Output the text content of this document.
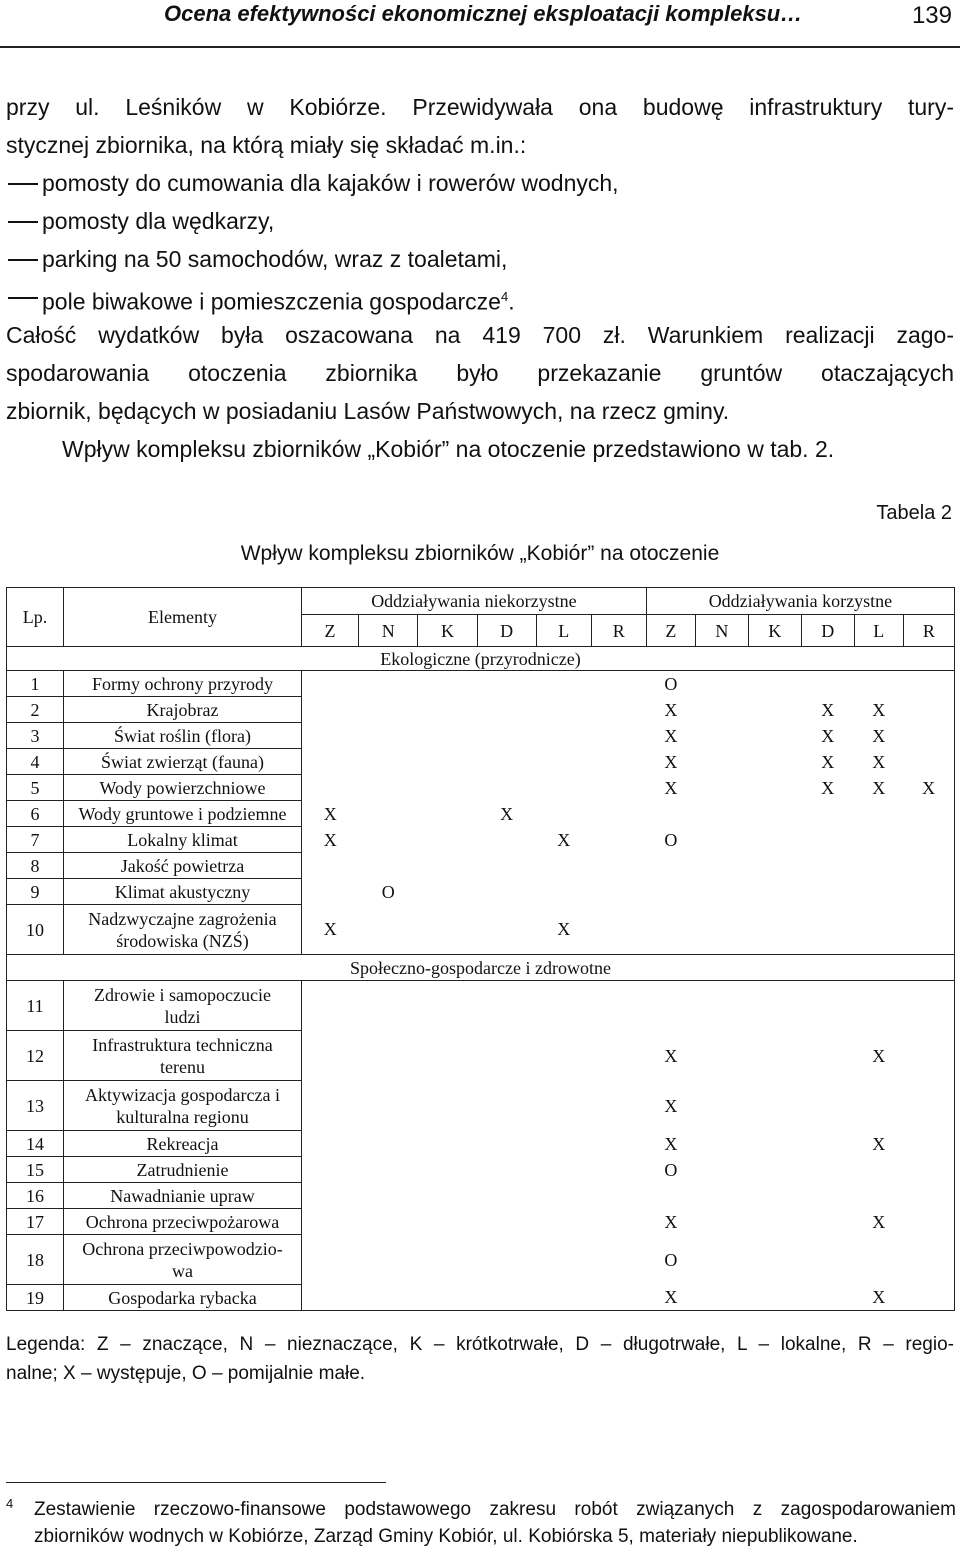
Ocena efektywności ekonomicznej eksploatacji kompleksu…	139

przy ul. Leśników w Kobiórze. Przewidywała ona budowę infrastruktury tury-

stycznej zbiornika, na którą miały się składać m.in.:

pomosty do cumowania dla kajaków i rowerów wodnych,
pomosty dla wędkarzy,
parking na 50 samochodów, wraz z toaletami,
pole biwakowe i pomieszczenia gospodarcze$^4$.

Całość wydatków była oszacowana na 419 700 zł. Warunkiem realizacji zago-

spodarowania otoczenia zbiornika było przekazanie gruntów otaczających

zbiornik, będących w posiadaniu Lasów Państwowych, na rzecz gminy.

Wpływ kompleksu zbiorników „Kobiór” na otoczenie przedstawiono w tab. 2.

Tabela 2
Wpływ kompleksu zbiorników „Kobiór” na otoczenie
Lp.	Elementy	Oddziaływania niekorzystne						Oddziaływania korzystne					
		Z	N	K	D	L	R	Z	N	K	D	L	R
Ekologiczne (przyrodnicze)													
1	Formy ochrony przyrody							O					
2	Krajobraz							X			X	X	
3	Świat roślin (flora)							X			X	X	
4	Świat zwierząt (fauna)							X			X	X	
5	Wody powierzchniowe							X			X	X	X
6	Wody gruntowe i podziemne	X			X								
7	Lokalny klimat	X				X		O					
8	Jakość powietrza												
9	Klimat akustyczny		O										
10	Nadzwyczajne zagrożenia środowiska (NZŚ)	X				X							
Społeczno-gospodarcze i zdrowotne													
11	Zdrowie i samopoczucie ludzi												
12	Infrastruktura techniczna terenu							X				X	
13	Aktywizacja gospodarcza i kulturalna regionu							X					
14	Rekreacja							X				X	
15	Zatrudnienie							O					
16	Nawadnianie upraw												
17	Ochrona przeciwpożarowa							X				X	
18	Ochrona przeciwpowodzio-wa							O					
19	Gospodarka rybacka							X				X	
Legenda: Z – znaczące, N – nieznaczące, K – krótkotrwałe, D – długotrwałe, L – lokalne, R – regio-
nalne; X – występuje, O – pomijalnie małe.
4 Zestawienie rzeczowo-finansowe podstawowego zakresu robót związanych z zagospodarowaniem
zbiorników wodnych w Kobiórze, Zarząd Gminy Kobiór, ul. Kobiórska 5, materiały niepublikowane.
